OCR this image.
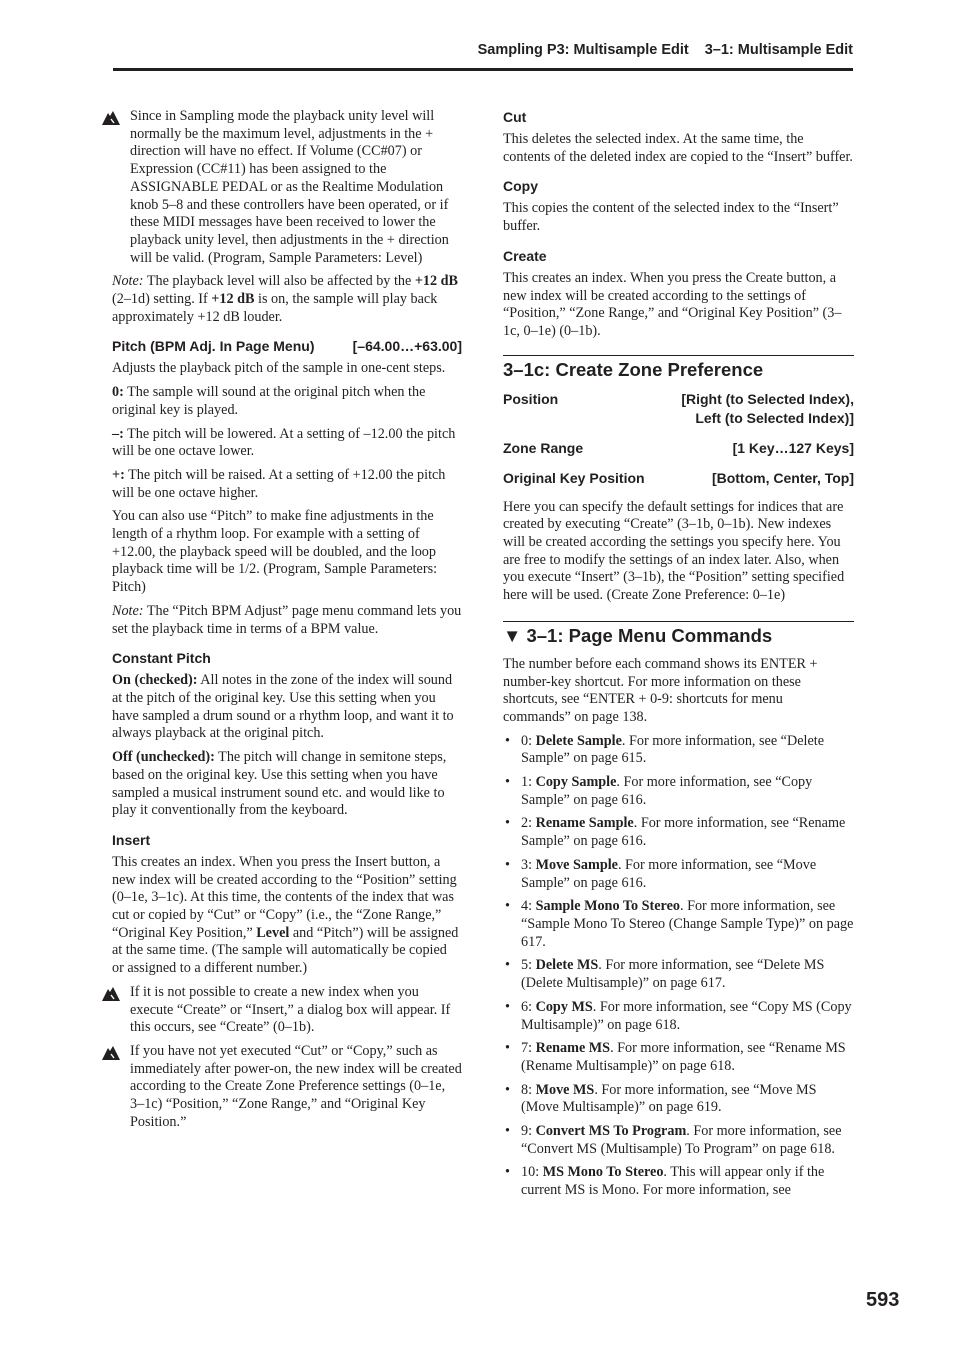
Sampling P3: Multisample Edit 3–1: Multisample Edit
Since in Sampling mode the playback unity level will normally be the maximum level, adjustments in the + direction will have no effect. If Volume (CC#07) or Expression (CC#11) has been assigned to the ASSIGNABLE PEDAL or as the Realtime Modulation knob 5–8 and these controllers have been operated, or if these MIDI messages have been received to lower the playback unity level, then adjustments in the + direction will be valid. (Program, Sample Parameters: Level)

Note: The playback level will also be affected by the +12 dB (2–1d) setting. If +12 dB is on, the sample will play back approximately +12 dB louder.

Pitch (BPM Adj. In Page Menu)	[–64.00…+63.00]

Adjusts the playback pitch of the sample in one-cent steps.

0: The sample will sound at the original pitch when the original key is played.

–: The pitch will be lowered. At a setting of –12.00 the pitch will be one octave lower.

+: The pitch will be raised. At a setting of +12.00 the pitch will be one octave higher.

You can also use “Pitch” to make fine adjustments in the length of a rhythm loop. For example with a setting of +12.00, the playback speed will be doubled, and the loop playback time will be 1/2. (Program, Sample Parameters: Pitch)

Note: The “Pitch BPM Adjust” page menu command lets you set the playback time in terms of a BPM value.

Constant Pitch

On (checked): All notes in the zone of the index will sound at the pitch of the original key. Use this setting when you have sampled a drum sound or a rhythm loop, and want it to always playback at the original pitch.

Off (unchecked): The pitch will change in semitone steps, based on the original key. Use this setting when you have sampled a musical instrument sound etc. and would like to play it conventionally from the keyboard.

Insert

This creates an index. When you press the Insert button, a new index will be created according to the “Position” setting (0–1e, 3–1c). At this time, the contents of the index that was cut or copied by “Cut” or “Copy” (i.e., the “Zone Range,” “Original Key Position,” Level and “Pitch”) will be assigned at the same time. (The sample will automatically be copied or assigned to a different number.)

If it is not possible to create a new index when you execute “Create” or “Insert,” a dialog box will appear. If this occurs, see “Create” (0–1b).
If you have not yet executed “Cut” or “Copy,” such as immediately after power-on, the new index will be created according to the Create Zone Preference settings (0–1e, 3–1c) “Position,” “Zone Range,” and “Original Key Position.”
Cut

This deletes the selected index. At the same time, the contents of the deleted index are copied to the “Insert” buffer.

Copy

This copies the content of the selected index to the “Insert” buffer.

Create

This creates an index. When you press the Create button, a new index will be created according to the settings of “Position,” “Zone Range,” and “Original Key Position” (3–1c, 0–1e) (0–1b).

3–1c: Create Zone Preference
Position	[Right (to Selected Index),
Left (to Selected Index)]
Zone Range	[1 Key…127 Keys]
Original Key Position	[Bottom, Center, Top]

Here you can specify the default settings for indices that are created by executing “Create” (3–1b, 0–1b). New indexes will be created according the settings you specify here. You are free to modify the settings of an index later. Also, when you execute “Insert” (3–1b), the “Position” setting specified here will be used. (Create Zone Preference: 0–1e)

▼ 3–1: Page Menu Commands

The number before each command shows its ENTER + number-key shortcut. For more information on these shortcuts, see “ENTER + 0-9: shortcuts for menu commands” on page 138.

• 0: Delete Sample. For more information, see “Delete Sample” on page 615.
• 1: Copy Sample. For more information, see “Copy Sample” on page 616.
• 2: Rename Sample. For more information, see “Rename Sample” on page 616.
• 3: Move Sample. For more information, see “Move Sample” on page 616.
• 4: Sample Mono To Stereo. For more information, see “Sample Mono To Stereo (Change Sample Type)” on page 617.
• 5: Delete MS. For more information, see “Delete MS (Delete Multisample)” on page 617.
• 6: Copy MS. For more information, see “Copy MS (Copy Multisample)” on page 618.
• 7: Rename MS. For more information, see “Rename MS (Rename Multisample)” on page 618.
• 8: Move MS. For more information, see “Move MS (Move Multisample)” on page 619.
• 9: Convert MS To Program. For more information, see “Convert MS (Multisample) To Program” on page 618.
• 10: MS Mono To Stereo. This will appear only if the current MS is Mono. For more information, see
593
